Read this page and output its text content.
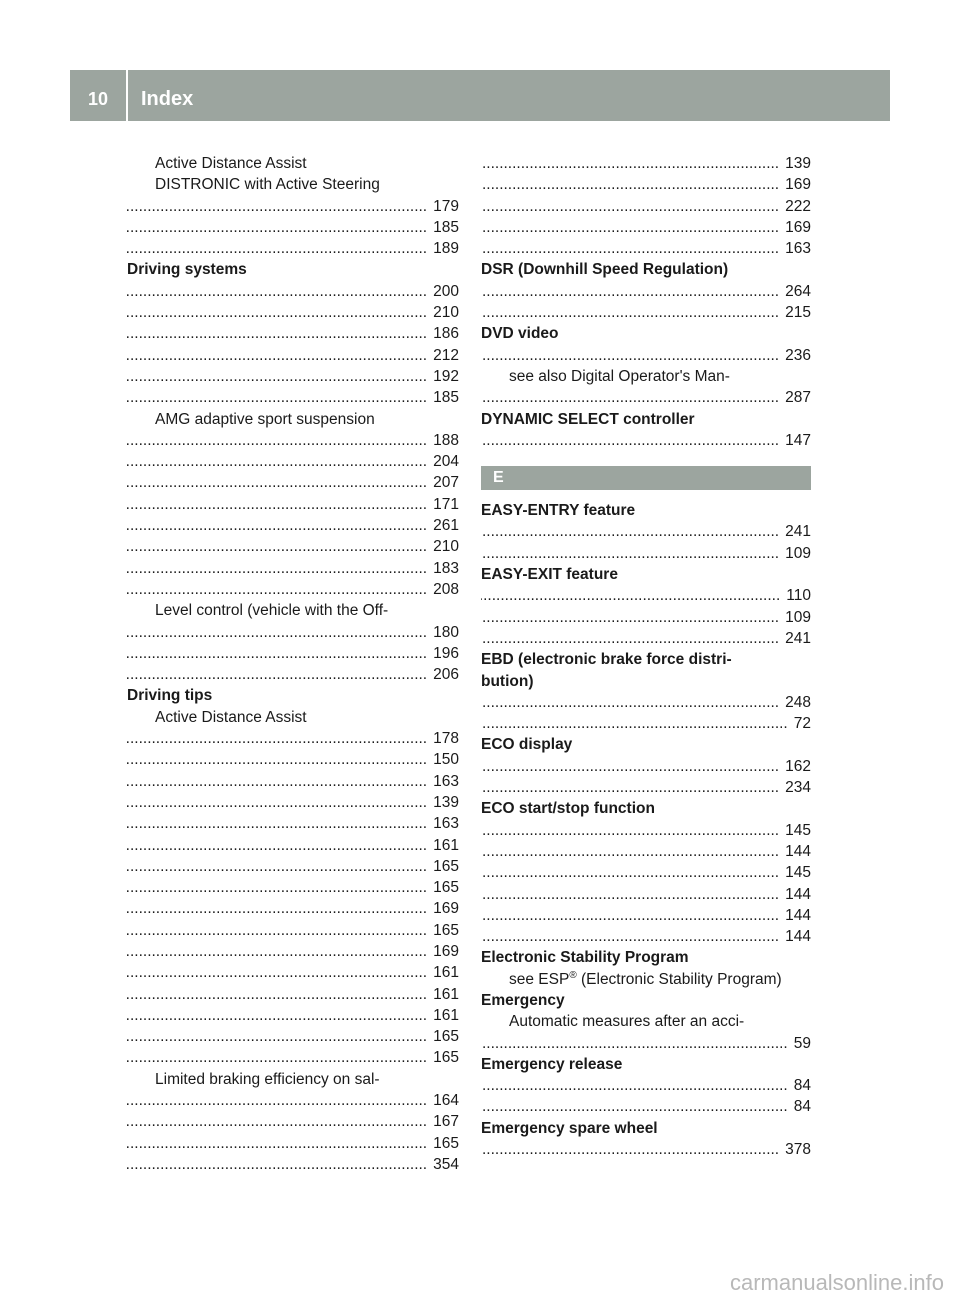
10	Index
Active Distance Assist
DISTRONIC with Active Steering
..... 179
..... 185
..... 189
Driving systems
..... 200
..... 210
..... 186
..... 212
..... 192
..... 185
AMG adaptive sport suspension
..... 188
..... 204
..... 207
..... 171
..... 261
..... 210
..... 183
..... 208
Level control (vehicle with the Off-
..... 180
..... 196
..... 206
Driving tips
Active Distance Assist
..... 178
..... 150
..... 163
..... 139
..... 163
..... 161
..... 165
..... 165
..... 169
..... 165
..... 169
..... 161
..... 161
..... 161
..... 165
..... 165
Limited braking efficiency on sal-
..... 164
..... 167
..... 165
..... 354
..... 139
..... 169
..... 222
..... 169
..... 163
DSR (Downhill Speed Regulation)
..... 264
..... 215
DVD video
..... 236
see also Digital Operator's Man-
..... 287
DYNAMIC SELECT controller
..... 147
E
EASY-ENTRY feature
..... 241
..... 109
EASY-EXIT feature
..... 110
..... 109
..... 241
EBD (electronic brake force distri-
bution)
..... 248
..... 72
ECO display
..... 162
..... 234
ECO start/stop function
..... 145
..... 144
..... 145
..... 144
..... 144
..... 144
Electronic Stability Program
see ESP® (Electronic Stability Program)
Emergency
Automatic measures after an acci-
..... 59
Emergency release
..... 84
..... 84
Emergency spare wheel
..... 378
carmanualsonline.info
